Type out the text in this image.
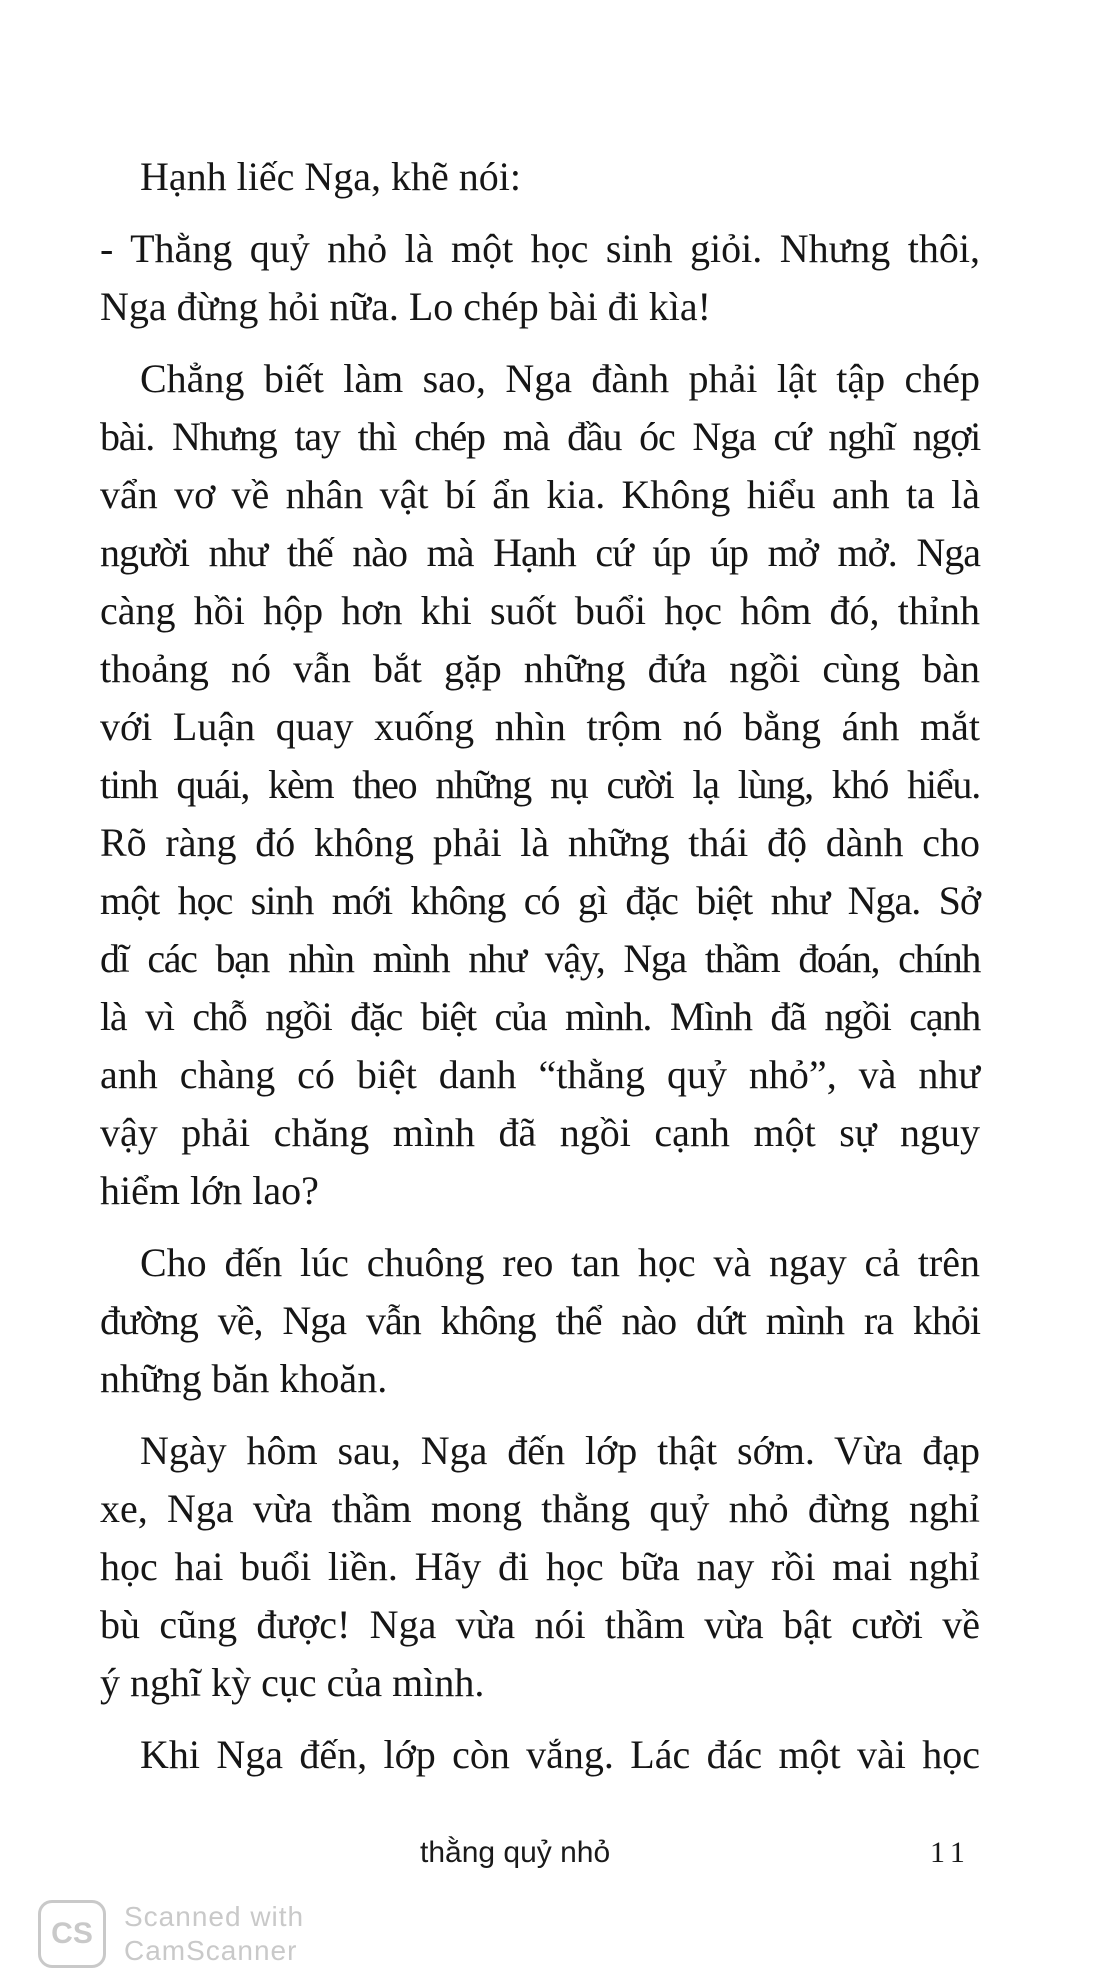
Hạnh liếc Nga, khẽ nói:
- Thằng quỷ nhỏ là một học sinh giỏi. Nhưng thôi,
Nga đừng hỏi nữa. Lo chép bài đi kìa!
Chẳng biết làm sao, Nga đành phải lật tập chép
bài. Nhưng tay thì chép mà đầu óc Nga cứ nghĩ ngợi
vẩn vơ về nhân vật bí ẩn kia. Không hiểu anh ta là
người như thế nào mà Hạnh cứ úp úp mở mở. Nga
càng hồi hộp hơn khi suốt buổi học hôm đó, thỉnh
thoảng nó vẫn bắt gặp những đứa ngồi cùng bàn
với Luận quay xuống nhìn trộm nó bằng ánh mắt
tinh quái, kèm theo những nụ cười lạ lùng, khó hiểu.
Rõ ràng đó không phải là những thái độ dành cho
một học sinh mới không có gì đặc biệt như Nga. Sở
dĩ các bạn nhìn mình như vậy, Nga thầm đoán, chính
là vì chỗ ngồi đặc biệt của mình. Mình đã ngồi cạnh
anh chàng có biệt danh “thằng quỷ nhỏ”, và như
vậy phải chăng mình đã ngồi cạnh một sự nguy
hiểm lớn lao?
Cho đến lúc chuông reo tan học và ngay cả trên
đường về, Nga vẫn không thể nào dứt mình ra khỏi
những băn khoăn.
Ngày hôm sau, Nga đến lớp thật sớm. Vừa đạp
xe, Nga vừa thầm mong thằng quỷ nhỏ đừng nghỉ
học hai buổi liền. Hãy đi học bữa nay rồi mai nghỉ
bù cũng được! Nga vừa nói thầm vừa bật cười về
ý nghĩ kỳ cục của mình.
Khi Nga đến, lớp còn vắng. Lác đác một vài học
thằng quỷ nhỏ	11
CS
Scanned with
CamScanner
